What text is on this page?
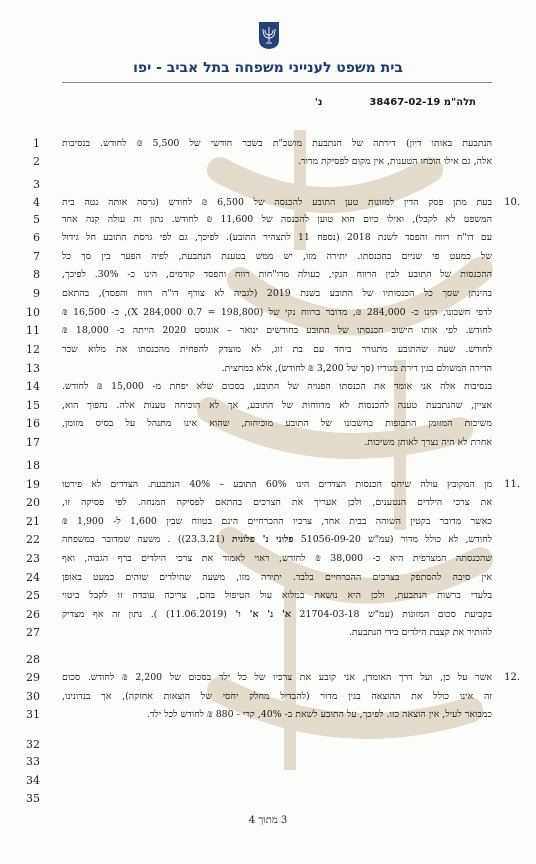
בית משפט לענייני משפחה בתל אביב - יפו

תלה"מ 38467-02-19  נ'
1
2
3
4
5
6
7
8
9
10
11
12
13
14
15
16
17
18
19
20
21
22
23
24
25
26
27
28
29
30
31
32
33
34
35
10.
11.
12.
הנתבעת באותו דיון) דירתה של הנתבעת מושכ"ת בשכר חודשי של 5,500 ₪ לחודש. בנסיבות
אלה, גם אילו הוכחו הטענות, אין מקום לפסיקת מדור.
בעת מתן פסק הדין למזונות טען התובע להכנסה של 6,500 ₪ לחודש (גרסה אותה נטה בית
המשפט לא לקבל), ואילו כיום הוא טוען להכנסה של 11,600 ₪ לחודש. נתון זה עולה קנה אחד
עם דו"ח רווח והפסד לשנת 2018 (נספח 11 לתצהיר התובע). לפיכך, גם לפי גרסת התובע חל גידול
של כמעט פי שניים בהכנסתו. יתירה מזו, יש ממש בטענת הנתבעת, לפיה הפער בין סך כל
ההכנסות של התובע לבין הרווח הנקי, כעולה מדו"חות רווח והפסד קודמים, הינו כ- 30%. לפיכך,
בהינתן שסך כל הכנסותיו של התובע בשנת 2019 (לגביה לא צורף דו"ח רווח והפסד), בהתאם
לדפי חשבונו, הינו כ- 284,000 ₪, מדובר ברווח נקי של (198,800 = 0.7 X 284,000), כ- 16,500 ₪
לחודש. לפי אותו חישוב הכנסתו של התובע בחודשים ינואר – אוגוסט 2020 הייתה כ- 18,000 ₪
לחודש. שעה שהתובע מתגורר ביחד עם בת זוג, לא מוצדק להפחית מהכנסתו את מלוא שכר
הדירה המשולם בגין דירת מגוריו (סך של 3,200 ₪ לחודש), אלא כמחצית.
בנסיבות אלה אני אומד את הכנסתו הפנויה של התובע, בסכום שלא יפחת מ- 15,000 ₪ לחודש.
אציין, שהנתבעת טענה להכנסות לא מדווחות של התובע, אך לא הוכיחה טענות אלה. נהפוך הוא,
משיכות המזומן התכופות בחשבונו של התובע מוכיחות, שהוא אינו מתנהל על בסיס מזומן,
אחרת לא היה נצרך לאותן משיכות.
מן המקובץ עולה שיחס הכנסות הצדדים הינו 60% התובע – 40% הנתבעת. הצדדים לא פירטו
את צרכי הילדים הנטענים, ולכן אעריך את הצרכים בהתאם לפסיקה המנחה. לפי פסיקה זו,
כאשר מדובר בקטין השוהה בבית אחד, צרכיו ההכרחיים הינם בטווח שבין 1,600 ל- 1,900 ₪
לחודש, לא כולל מדור (עמ"ש 51056-09-20 פלוני נ' פלונית (23.3.21)) . משעה שמדובר במשפחה
שהכנסתה המצרפית היא כ- 38,000 ₪ לחודש, ראוי לאמוד את צרכי הילדים ברף הגבוה, ואף
אין סיבה להסתפק בצרכים ההכרחיים בלבד. יתירה מזו, משעה שהילדים שוהים כמעט באופן
בלעדי ברשות הנתבעת, ולכן היא נושאת במלוא עול הטיפול בהם, צריכה עובדה זו לקבל ביטוי
בקביעת סכום המזונות (עמ"ש 21704-03-18 א' נ' א' ו' (11.06.2019) ). נתון זה אף מצדיק
להותיר את קצבת הילדים בידי הנתבעת.
אשר על כן, ועל דרך האומדן, אני קובע את צרכיו של כל ילד בסכום של 2,200 ₪ לחודש. סכום
זה אינו כולל את ההוצאה בגין מדור (להבדיל מחלק יחסי של הוצאות אחזקה), אך בנדונינו,
כמבואר לעיל, אין הוצאה כזו. לפיכך, על התובע לשאת ב- 40%, קרי - 880 ₪ לחודש לכל ילד.
3 מתוך 4
